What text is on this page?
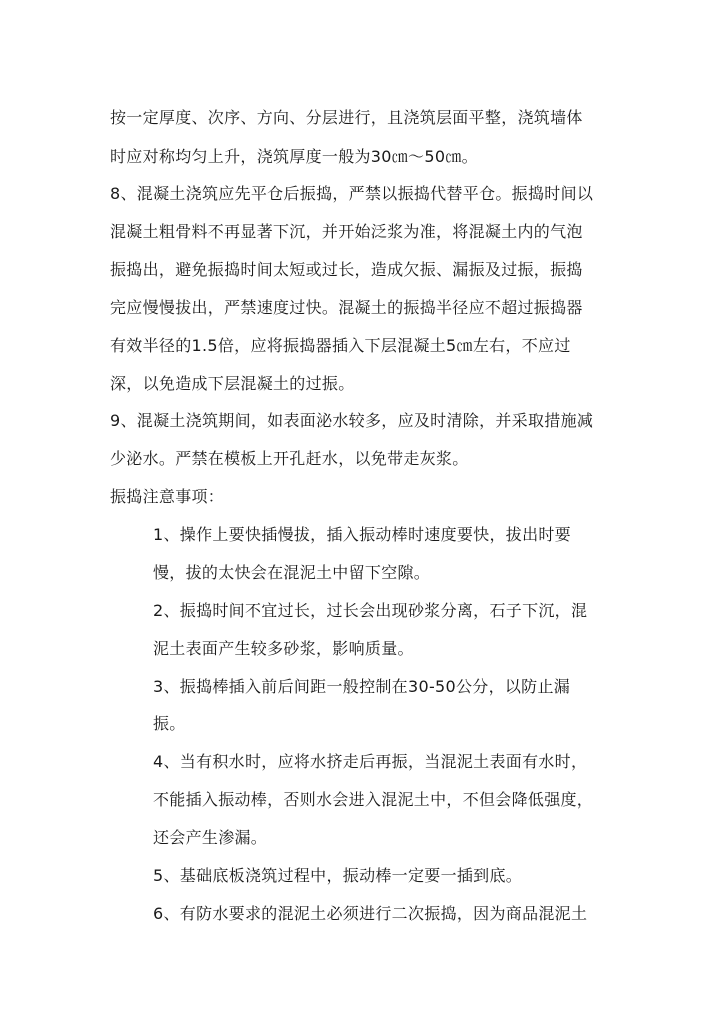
按一定厚度、次序、方向、分层进行，且浇筑层面平整，浇筑墙体
时应对称均匀上升，浇筑厚度一般为30㎝～50㎝。
8、混凝土浇筑应先平仓后振捣，严禁以振捣代替平仓。振捣时间以
混凝土粗骨料不再显著下沉，并开始泛浆为准，将混凝土内的气泡
振捣出，避免振捣时间太短或过长，造成欠振、漏振及过振，振捣
完应慢慢拔出，严禁速度过快。混凝土的振捣半径应不超过振捣器
有效半径的1.5倍，应将振捣器插入下层混凝土5㎝左右，不应过
深，以免造成下层混凝土的过振。
9、混凝土浇筑期间，如表面泌水较多，应及时清除，并采取措施减
少泌水。严禁在模板上开孔赶水，以免带走灰浆。
振捣注意事项：
1、操作上要快插慢拔，插入振动棒时速度要快，拔出时要
慢，拔的太快会在混泥土中留下空隙。
2、振捣时间不宜过长，过长会出现砂浆分离，石子下沉，混
泥土表面产生较多砂浆，影响质量。
3、振捣棒插入前后间距一般控制在30-50公分，以防止漏
振。
4、当有积水时，应将水挤走后再振，当混泥土表面有水时，
不能插入振动棒，否则水会进入混泥土中，不但会降低强度，
还会产生渗漏。
5、基础底板浇筑过程中，振动棒一定要一插到底。
6、有防水要求的混泥土必须进行二次振捣，因为商品混泥土
